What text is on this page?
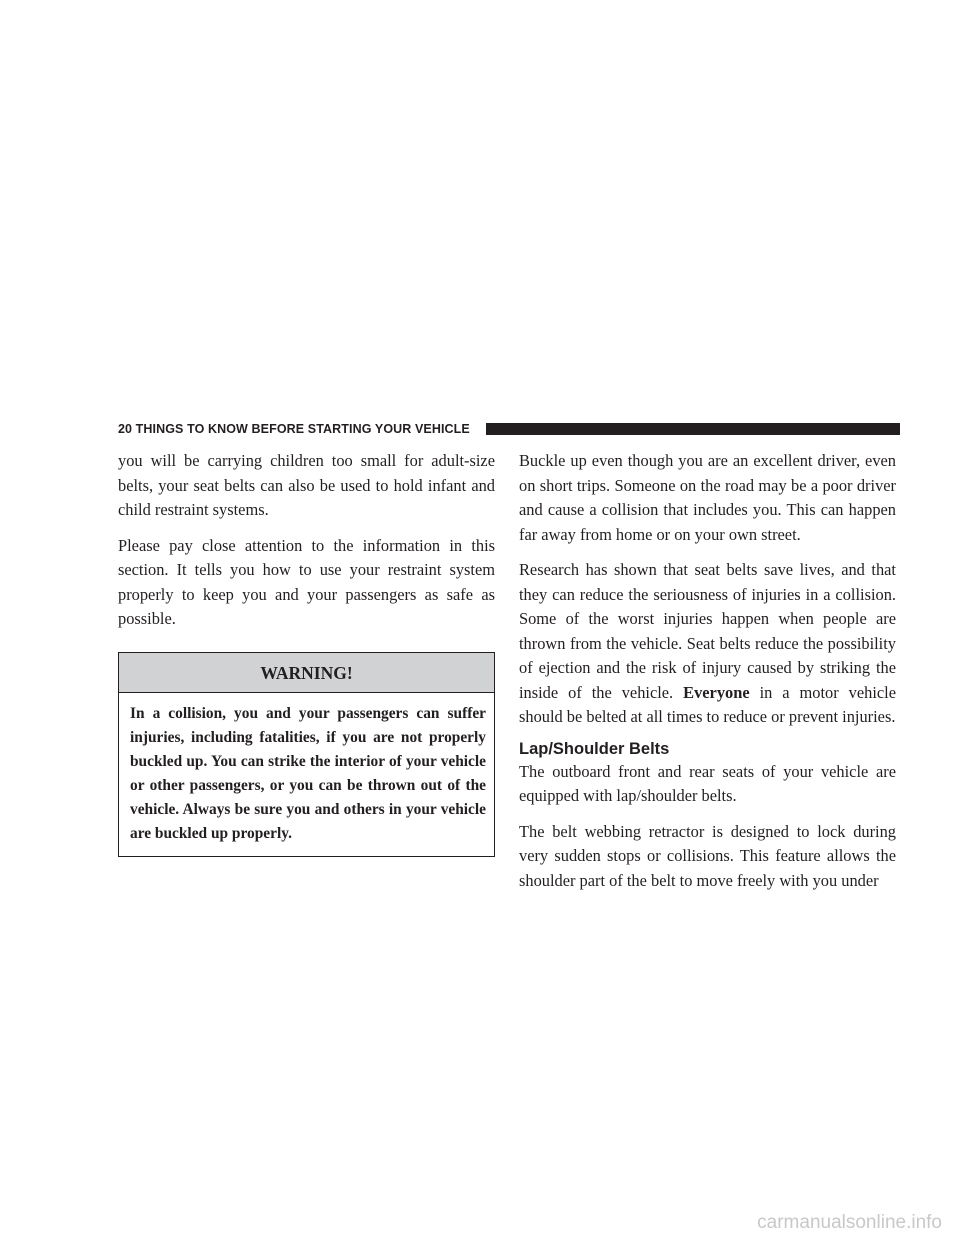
20 THINGS TO KNOW BEFORE STARTING YOUR VEHICLE

you will be carrying children too small for adult-size belts, your seat belts can also be used to hold infant and child restraint systems.

Please pay close attention to the information in this section. It tells you how to use your restraint system properly to keep you and your passengers as safe as possible.

WARNING!
In a collision, you and your passengers can suffer injuries, including fatalities, if you are not properly buckled up. You can strike the interior of your vehicle or other passengers, or you can be thrown out of the vehicle. Always be sure you and others in your vehicle are buckled up properly.

Buckle up even though you are an excellent driver, even on short trips. Someone on the road may be a poor driver and cause a collision that includes you. This can happen far away from home or on your own street.

Research has shown that seat belts save lives, and that they can reduce the seriousness of injuries in a collision. Some of the worst injuries happen when people are thrown from the vehicle. Seat belts reduce the possibility of ejection and the risk of injury caused by striking the inside of the vehicle. Everyone in a motor vehicle should be belted at all times to reduce or prevent injuries.

Lap/Shoulder Belts

The outboard front and rear seats of your vehicle are equipped with lap/shoulder belts.

The belt webbing retractor is designed to lock during very sudden stops or collisions. This feature allows the shoulder part of the belt to move freely with you under

carmanualsonline.info
